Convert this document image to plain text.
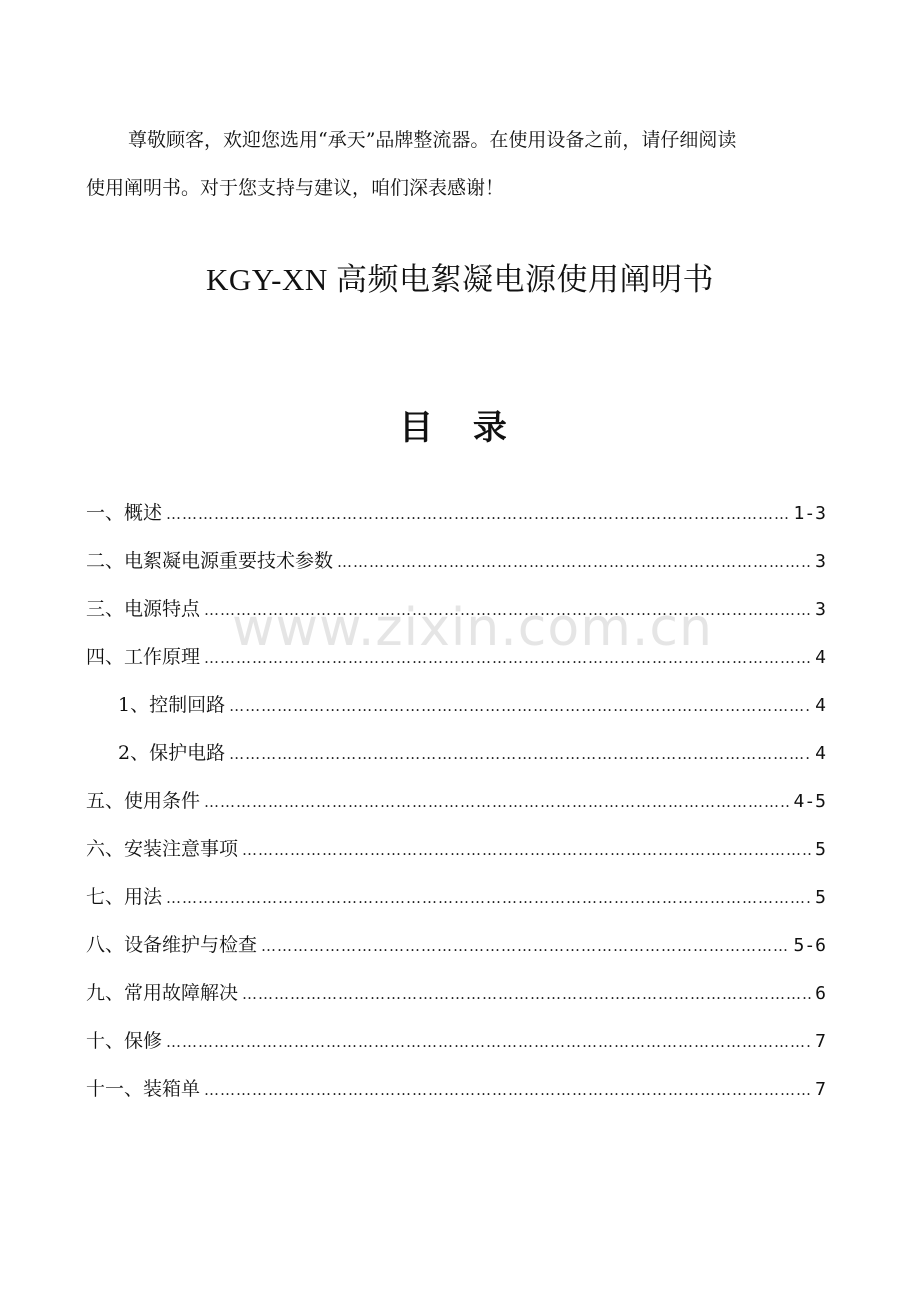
尊敬顾客，欢迎您选用“承天”品牌整流器。在使用设备之前，请仔细阅读

使用阐明书。对于您支持与建议，咱们深表感谢！

KGY-XN 高频电絮凝电源使用阐明书
目 录
一、概述 ………………………………………………………………………………………………………………………………………………………………………………………	1-3
二、电絮凝电源重要技术参数 ………………………………………………………………………………………………………………………………………………………………………………………	3
三、电源特点 ………………………………………………………………………………………………………………………………………………………………………………………	3
四、工作原理 ………………………………………………………………………………………………………………………………………………………………………………………	4
1、控制回路 ………………………………………………………………………………………………………………………………………………………………………………………	4
2、保护电路 ………………………………………………………………………………………………………………………………………………………………………………………	4
五、使用条件 ………………………………………………………………………………………………………………………………………………………………………………………	4-5
六、安装注意事项 ………………………………………………………………………………………………………………………………………………………………………………………	5
七、用法 ………………………………………………………………………………………………………………………………………………………………………………………	5
八、设备维护与检查 ………………………………………………………………………………………………………………………………………………………………………………………	5-6
九、常用故障解决 ………………………………………………………………………………………………………………………………………………………………………………………	6
十、保修 ………………………………………………………………………………………………………………………………………………………………………………………	7
十一、装箱单 ………………………………………………………………………………………………………………………………………………………………………………………	7
www.zixin.com.cn
